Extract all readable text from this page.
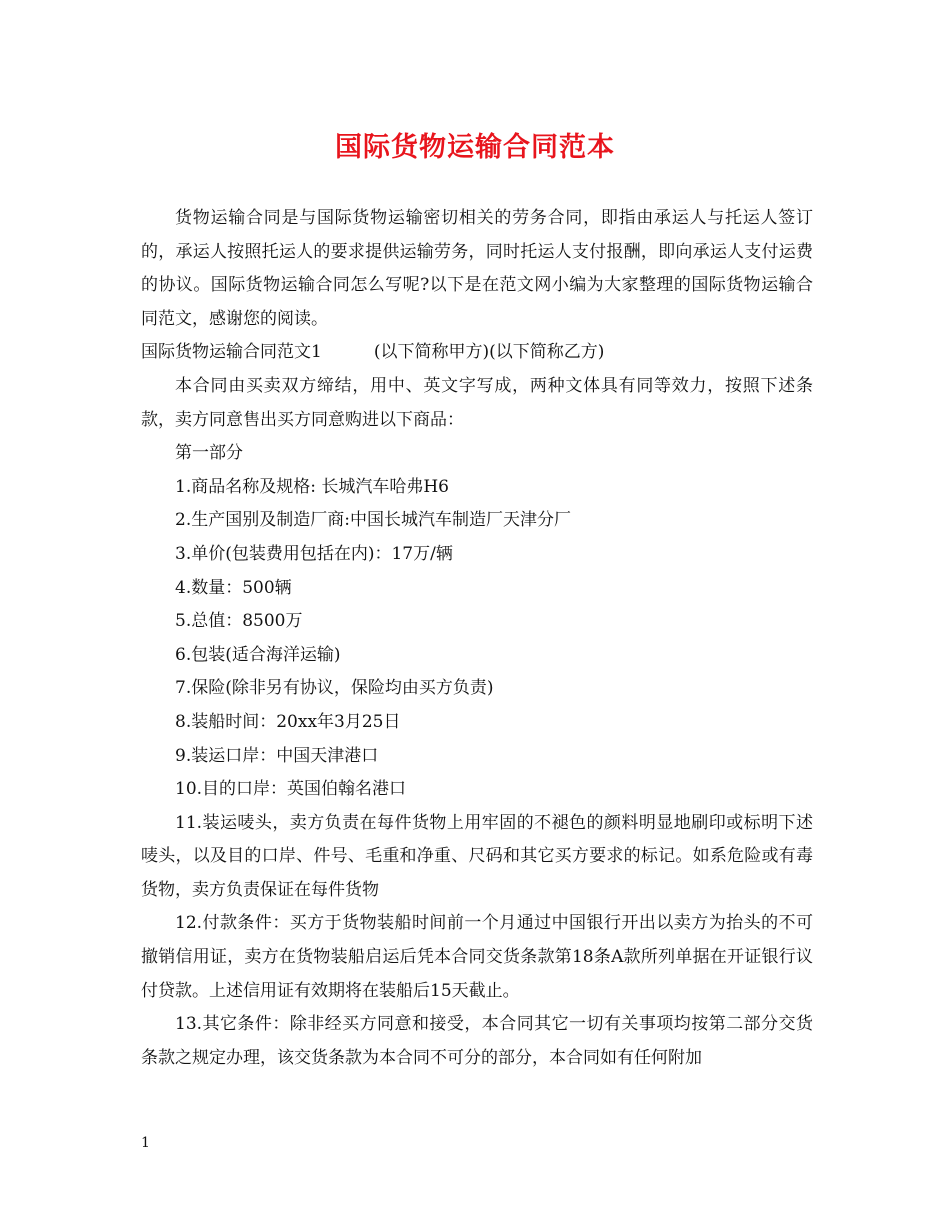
国际货物运输合同范本

货物运输合同是与国际货物运输密切相关的劳务合同，即指由承运人与托运人签订的，承运人按照托运人的要求提供运输劳务，同时托运人支付报酬，即向承运人支付运费的协议。国际货物运输合同怎么写呢?以下是在范文网小编为大家整理的国际货物运输合同范文，感谢您的阅读。

国际货物运输合同范文1	(以下简称甲方)(以下简称乙方)

本合同由买卖双方缔结，用中、英文字写成，两种文体具有同等效力，按照下述条款，卖方同意售出买方同意购进以下商品：

第一部分

1.商品名称及规格: 长城汽车哈弗H6

2.生产国别及制造厂商:中国长城汽车制造厂天津分厂

3.单价(包装费用包括在内)：17万/辆

4.数量：500辆

5.总值：8500万

6.包装(适合海洋运输)

7.保险(除非另有协议，保险均由买方负责)

8.装船时间：20xx年3月25日

9.装运口岸：中国天津港口

10.目的口岸：英国伯翰名港口

11.装运唛头，卖方负责在每件货物上用牢固的不褪色的颜料明显地刷印或标明下述唛头，以及目的口岸、件号、毛重和净重、尺码和其它买方要求的标记。如系危险或有毒货物，卖方负责保证在每件货物

12.付款条件：买方于货物装船时间前一个月通过中国银行开出以卖方为抬头的不可撤销信用证，卖方在货物装船启运后凭本合同交货条款第18条A款所列单据在开证银行议付贷款。上述信用证有效期将在装船后15天截止。

13.其它条件：除非经买方同意和接受，本合同其它一切有关事项均按第二部分交货条款之规定办理，该交货条款为本合同不可分的部分，本合同如有任何附加

1
